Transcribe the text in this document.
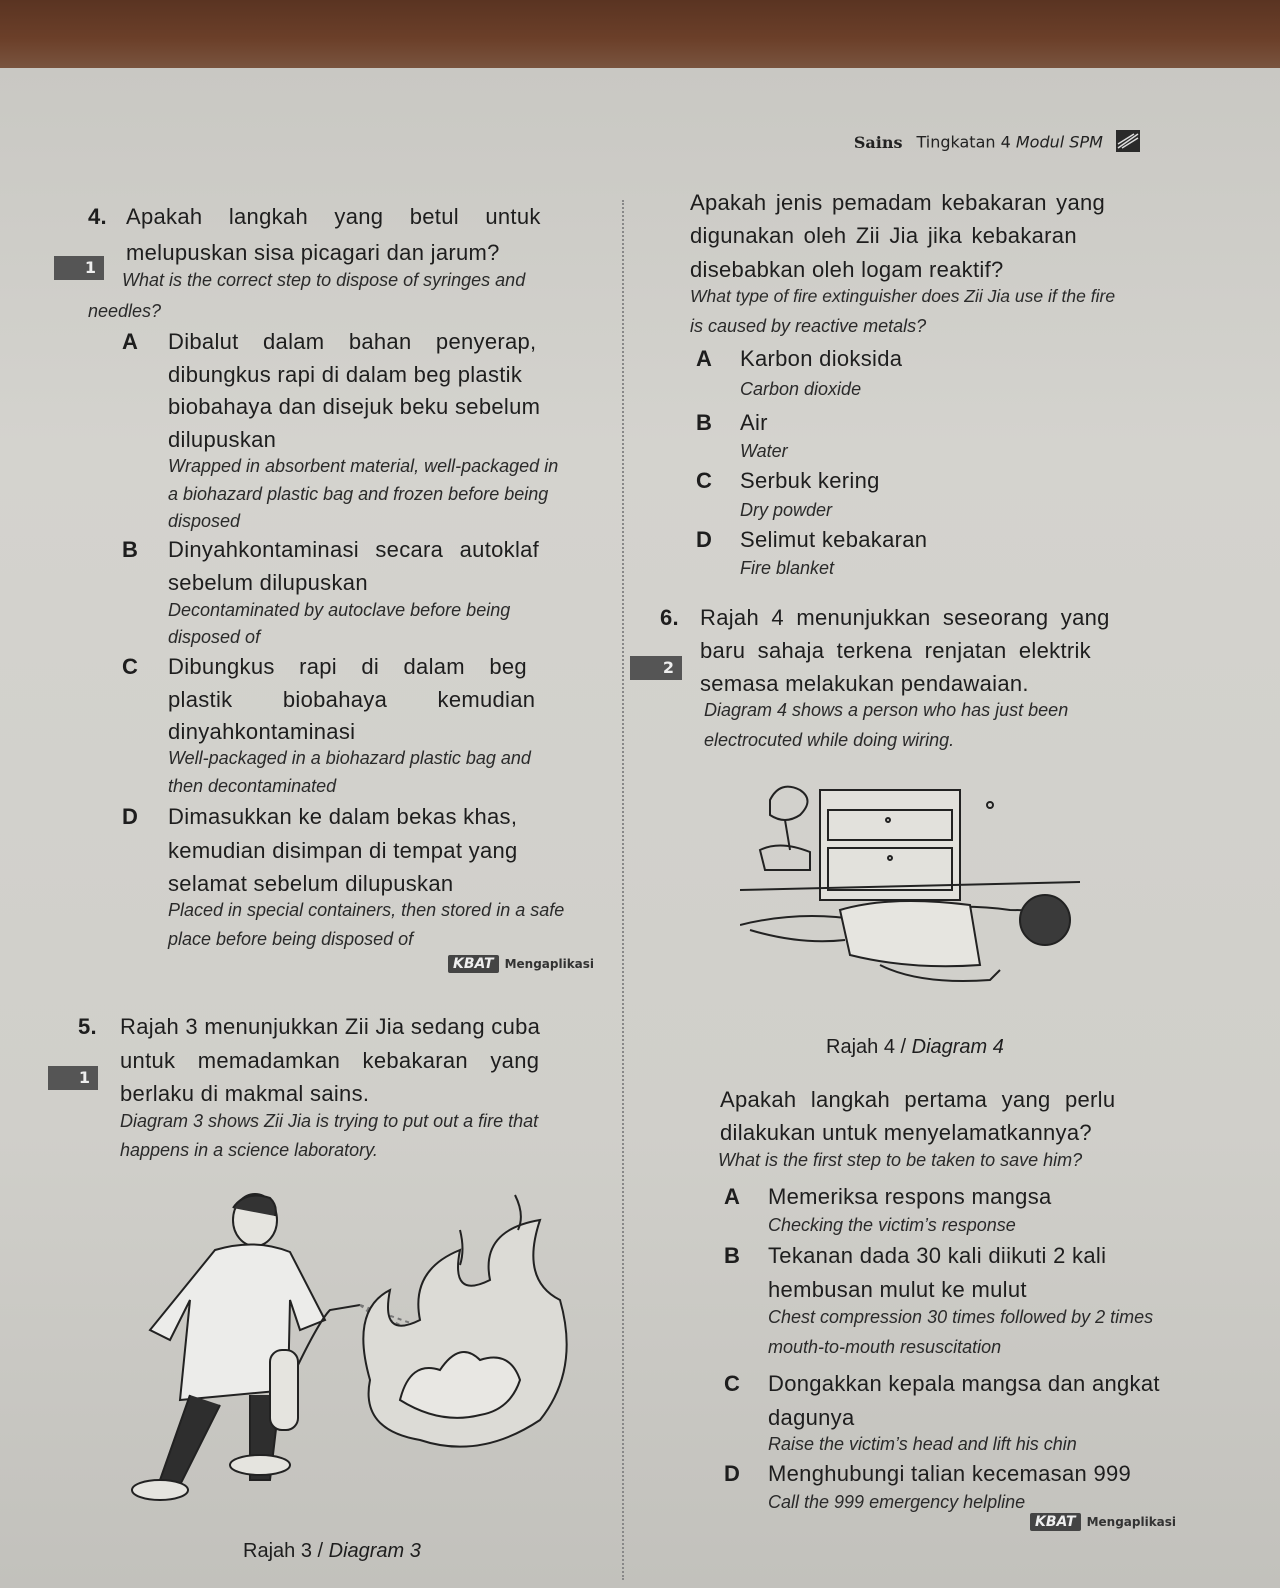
Sains Tingkatan 4 Modul SPM
4. Apakah langkah yang betul untuk
1
melupuskan sisa picagari dan jarum?
What is the correct step to dispose of syringes and
needles?
A Dibalut dalam bahan penyerap,
dibungkus rapi di dalam beg plastik
biobahaya dan disejuk beku sebelum
dilupuskan
Wrapped in absorbent material, well-packaged in
a biohazard plastic bag and frozen before being
disposed
B Dinyahkontaminasi secara autoklaf
sebelum dilupuskan
Decontaminated by autoclave before being
disposed of
C Dibungkus rapi di dalam beg
plastik biobahaya kemudian
dinyahkontaminasi
Well-packaged in a biohazard plastic bag and
then decontaminated
D Dimasukkan ke dalam bekas khas,
kemudian disimpan di tempat yang
selamat sebelum dilupuskan
Placed in special containers, then stored in a safe
place before being disposed of
KBAT Mengaplikasi
5. Rajah 3 menunjukkan Zii Jia sedang cuba
1
untuk memadamkan kebakaran yang
berlaku di makmal sains.
Diagram 3 shows Zii Jia is trying to put out a fire that
happens in a science laboratory.
Rajah 3 / Diagram 3
Apakah jenis pemadam kebakaran yang
digunakan oleh Zii Jia jika kebakaran
disebabkan oleh logam reaktif?
What type of fire extinguisher does Zii Jia use if the fire
is caused by reactive metals?
A Karbon dioksida
Carbon dioxide
B Air
Water
C Serbuk kering
Dry powder
D Selimut kebakaran
Fire blanket
6. Rajah 4 menunjukkan seseorang yang
2
baru sahaja terkena renjatan elektrik
semasa melakukan pendawaian.
Diagram 4 shows a person who has just been
electrocuted while doing wiring.
Rajah 4 / Diagram 4
Apakah langkah pertama yang perlu
dilakukan untuk menyelamatkannya?
What is the first step to be taken to save him?
A Memeriksa respons mangsa
Checking the victim’s response
B Tekanan dada 30 kali diikuti 2 kali
hembusan mulut ke mulut
Chest compression 30 times followed by 2 times
mouth-to-mouth resuscitation
C Dongakkan kepala mangsa dan angkat
dagunya
Raise the victim’s head and lift his chin
D Menghubungi talian kecemasan 999
Call the 999 emergency helpline
KBAT Mengaplikasi
